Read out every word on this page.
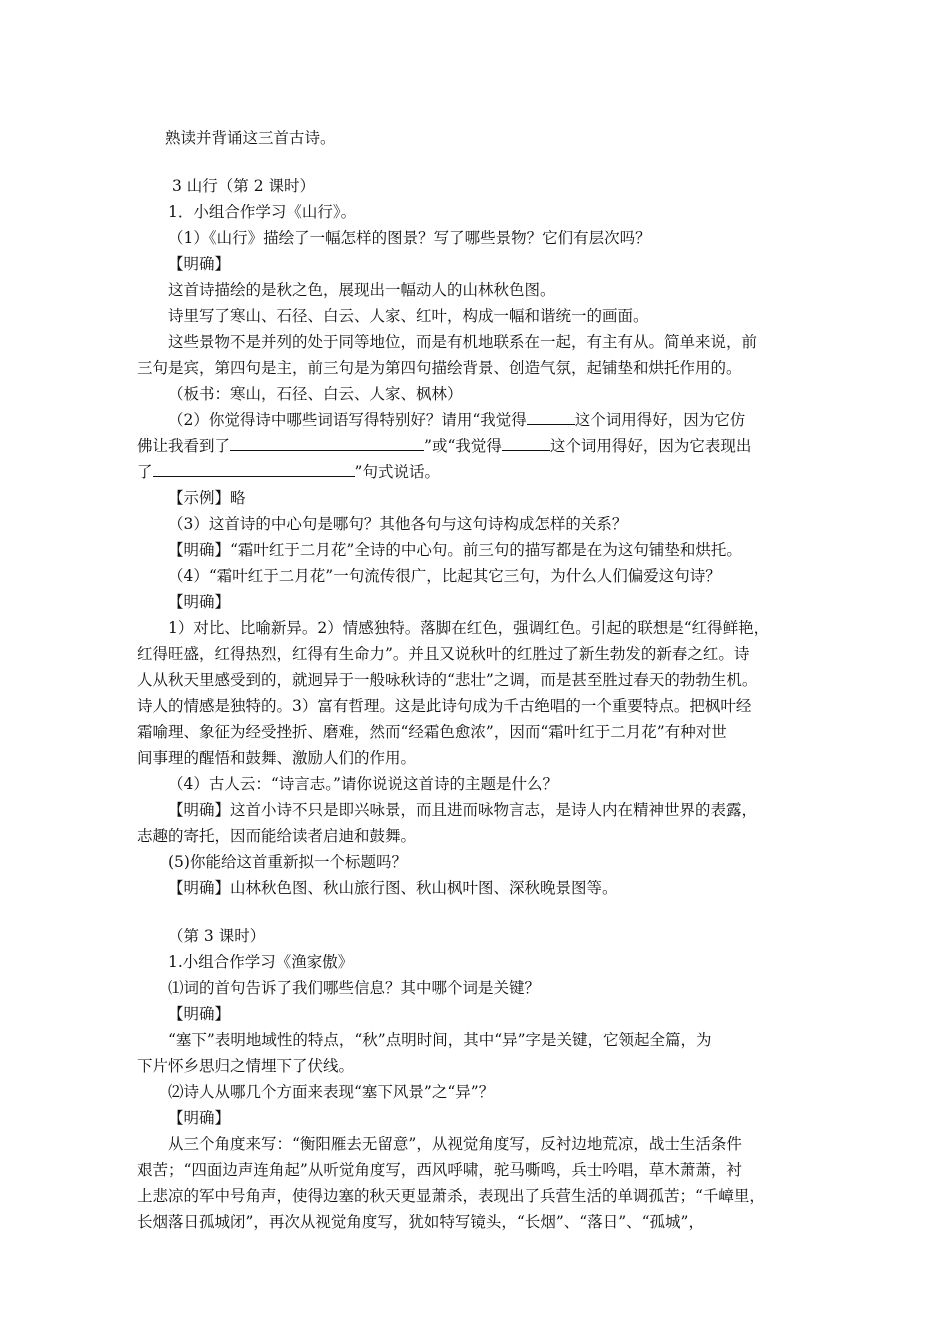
熟读并背诵这三首古诗。
3 山行（第 2 课时）
1．小组合作学习《山行》。
（1）《山行》描绘了一幅怎样的图景？写了哪些景物？它们有层次吗？
【明确】
这首诗描绘的是秋之色，展现出一幅动人的山林秋色图。
诗里写了寒山、石径、白云、人家、红叶，构成一幅和谐统一的画面。
这些景物不是并列的处于同等地位，而是有机地联系在一起，有主有从。简单来说，前
三句是宾，第四句是主，前三句是为第四句描绘背景、创造气氛，起铺垫和烘托作用的。
（板书：寒山，石径、白云、人家、枫林）
（2）你觉得诗中哪些词语写得特别好？请用“我觉得	这个词用得好，因为它仿
佛让我看到了	”或“我觉得	这个词用得好，因为它表现出
了	”句式说话。
【示例】略
（3）这首诗的中心句是哪句？其他各句与这句诗构成怎样的关系？
【明确】“霜叶红于二月花”全诗的中心句。前三句的描写都是在为这句铺垫和烘托。
（4）“霜叶红于二月花”一句流传很广，比起其它三句，为什么人们偏爱这句诗？
【明确】
1）对比、比喻新异。2）情感独特。落脚在红色，强调红色。引起的联想是“红得鲜艳，
红得旺盛，红得热烈，红得有生命力”。并且又说秋叶的红胜过了新生勃发的新春之红。诗
人从秋天里感受到的，就迥异于一般咏秋诗的“悲壮”之调，而是甚至胜过春天的勃勃生机。
诗人的情感是独特的。3）富有哲理。这是此诗句成为千古绝唱的一个重要特点。把枫叶经
霜喻理、象征为经受挫折、磨难，然而“经霜色愈浓”，因而“霜叶红于二月花”有种对世
间事理的醒悟和鼓舞、激励人们的作用。
（4）古人云：“诗言志。”请你说说这首诗的主题是什么？
【明确】这首小诗不只是即兴咏景，而且进而咏物言志，是诗人内在精神世界的表露，
志趣的寄托，因而能给读者启迪和鼓舞。
(5)你能给这首重新拟一个标题吗？
【明确】山林秋色图、秋山旅行图、秋山枫叶图、深秋晚景图等。
（第 3 课时）
1.小组合作学习《渔家傲》
⑴词的首句告诉了我们哪些信息？其中哪个词是关键？
【明确】
“塞下”表明地域性的特点，“秋”点明时间，其中“异”字是关键，它领起全篇，为
下片怀乡思归之情埋下了伏线。
⑵诗人从哪几个方面来表现“塞下风景”之“异”？
【明确】
从三个角度来写：“衡阳雁去无留意”，从视觉角度写，反衬边地荒凉，战士生活条件
艰苦；“四面边声连角起”从听觉角度写，西风呼啸，驼马嘶鸣，兵士吟唱，草木萧萧，衬
上悲凉的军中号角声，使得边塞的秋天更显萧杀，表现出了兵营生活的单调孤苦；“千嶂里，
长烟落日孤城闭”，再次从视觉角度写，犹如特写镜头，“长烟”、“落日”、“孤城”，
